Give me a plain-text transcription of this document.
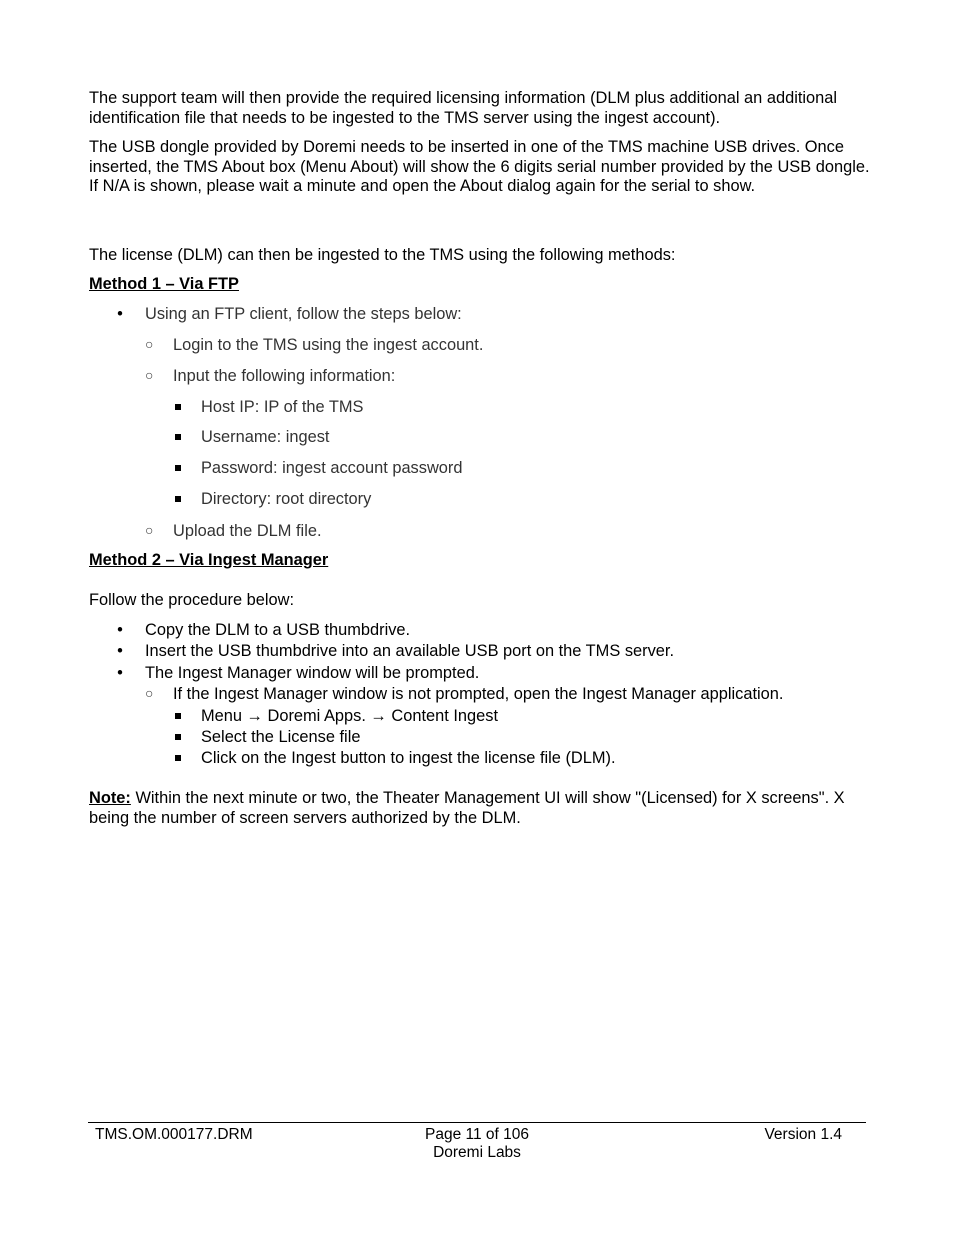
The support team will then provide the required licensing information (DLM plus additional an additional identification file that needs to be ingested to the TMS server using the ingest account).

The USB dongle provided by Doremi needs to be inserted in one of the TMS machine USB drives. Once inserted, the TMS About box (Menu About) will show the 6 digits serial number provided by the USB dongle. If N/A is shown, please wait a minute and open the About dialog again for the serial to show.

The license (DLM) can then be ingested to the TMS using the following methods:

Method 1 – Via FTP
• Using an FTP client, follow the steps below:
○ Login to the TMS using the ingest account.
○ Input the following information:
Host IP: IP of the TMS
Username: ingest
Password: ingest account password
Directory: root directory
○ Upload the DLM file.
Method 2 – Via Ingest Manager
Follow the procedure below:
• Copy the DLM to a USB thumbdrive.
• Insert the USB thumbdrive into an available USB port on the TMS server.
• The Ingest Manager window will be prompted.
○ If the Ingest Manager window is not prompted, open the Ingest Manager application.
Menu → Doremi Apps. → Content Ingest
Select the License file
Click on the Ingest button to ingest the license file (DLM).

Note: Within the next minute or two, the Theater Management UI will show "(Licensed) for X screens". X being the number of screen servers authorized by the DLM.

TMS.OM.000177.DRM	Page 11 of 106
Doremi Labs
Version 1.4
